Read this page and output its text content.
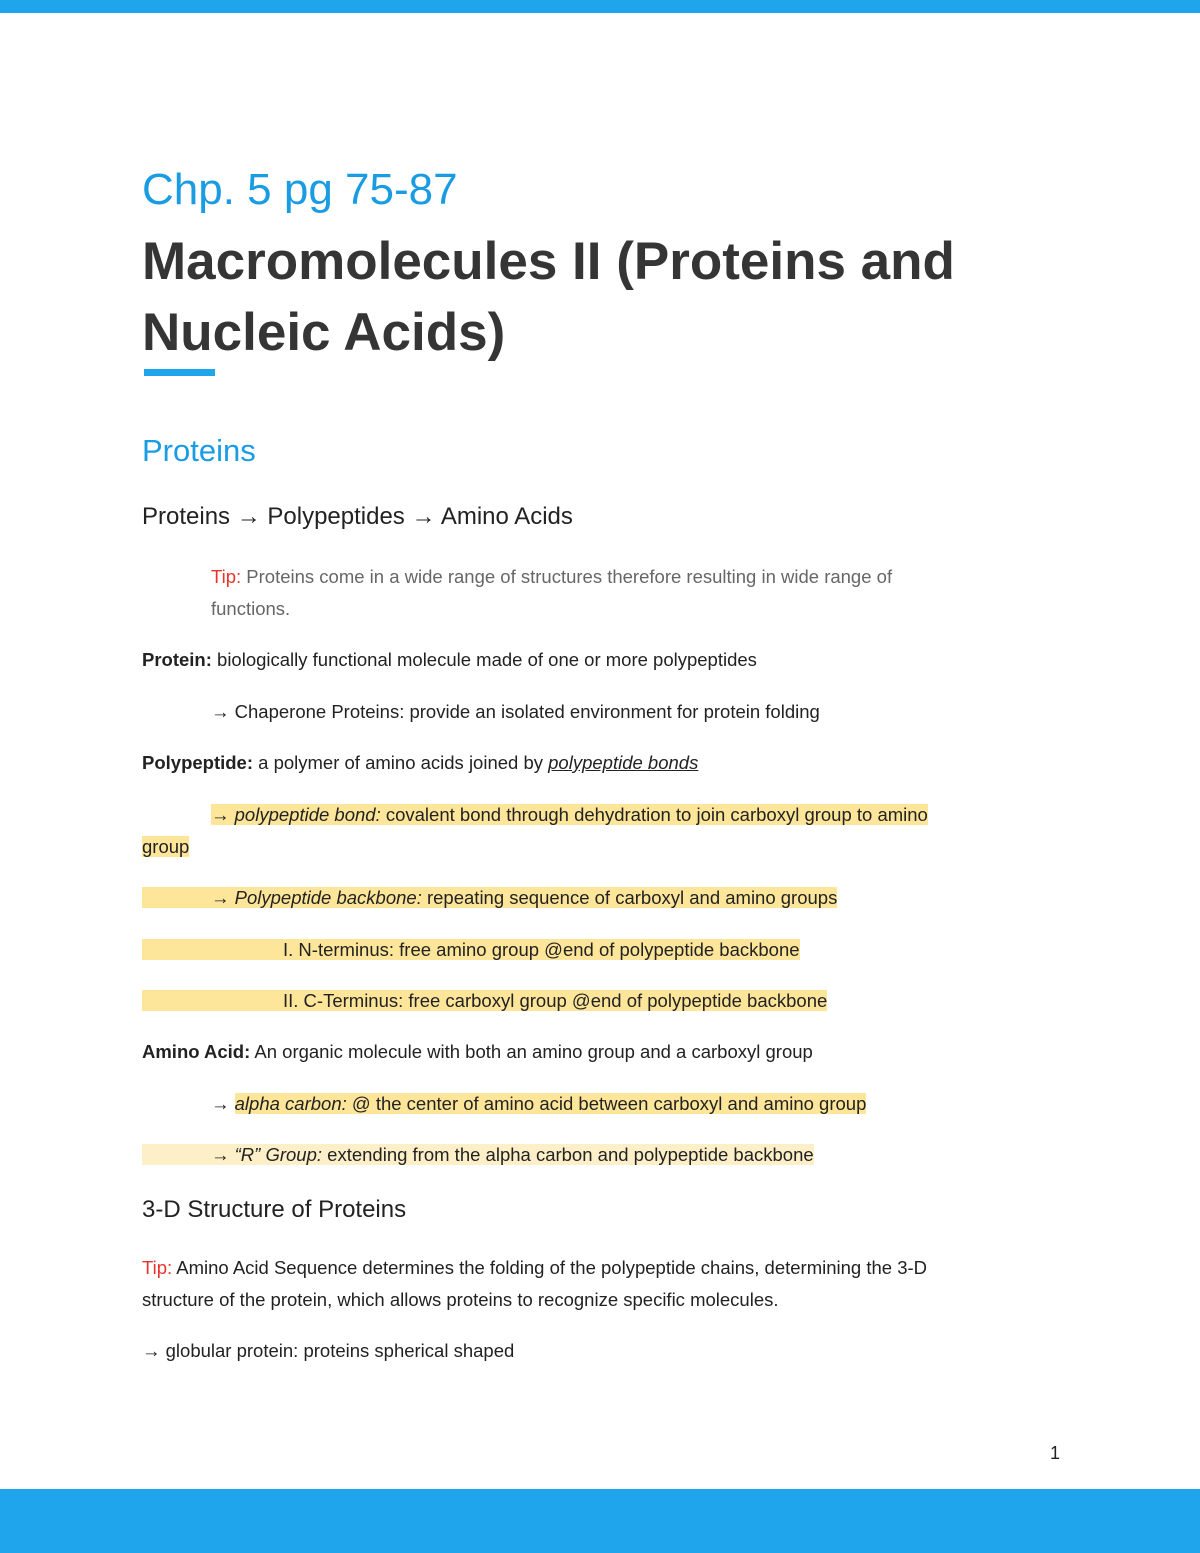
Chp. 5 pg 75-87
Macromolecules II (Proteins and Nucleic Acids)
Proteins
Proteins → Polypeptides → Amino Acids
Tip: Proteins come in a wide range of structures therefore resulting in wide range of
functions.
Protein: biologically functional molecule made of one or more polypeptides
→ Chaperone Proteins: provide an isolated environment for protein folding
Polypeptide: a polymer of amino acids joined by polypeptide bonds
→ polypeptide bond: covalent bond through dehydration to join carboxyl group to amino
group
→ Polypeptide backbone: repeating sequence of carboxyl and amino groups
I. N-terminus: free amino group @end of polypeptide backbone
II. C-Terminus: free carboxyl group @end of polypeptide backbone
Amino Acid: An organic molecule with both an amino group and a carboxyl group
→ alpha carbon: @ the center of amino acid between carboxyl and amino group
→ “R” Group: extending from the alpha carbon and polypeptide backbone
3-D Structure of Proteins
Tip: Amino Acid Sequence determines the folding of the polypeptide chains, determining the 3-D
structure of the protein, which allows proteins to recognize specific molecules.
→ globular protein: proteins spherical shaped
1
